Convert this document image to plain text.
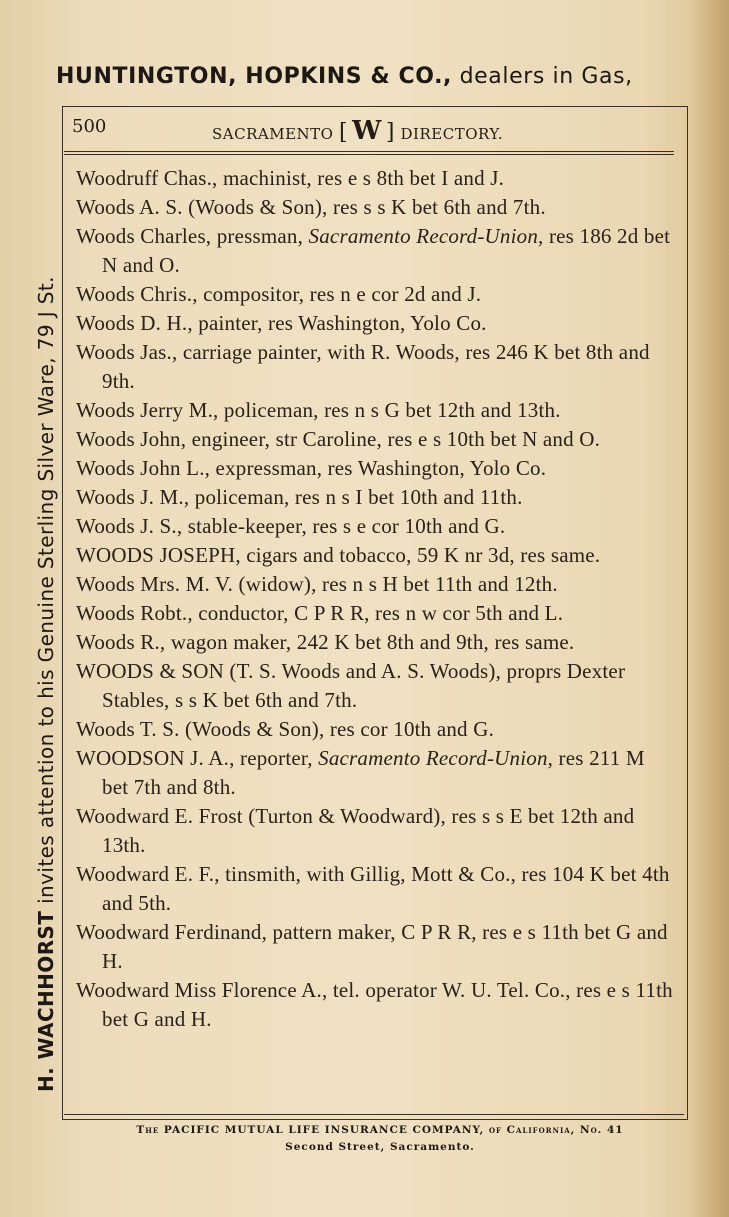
HUNTINGTON, HOPKINS & CO., dealers in Gas,
H. WACHHORST invites attention to his Genuine Sterling Silver Ware, 79 J St.
500	SACRAMENTO [ W ] DIRECTORY.
Woodruff Chas., machinist, res e s 8th bet I and J.
Woods A. S. (Woods & Son), res s s K bet 6th and 7th.
Woods Charles, pressman, Sacramento Record-Union, res 186 2d bet N and O.
Woods Chris., compositor, res n e cor 2d and J.
Woods D. H., painter, res Washington, Yolo Co.
Woods Jas., carriage painter, with R. Woods, res 246 K bet 8th and 9th.
Woods Jerry M., policeman, res n s G bet 12th and 13th.
Woods John, engineer, str Caroline, res e s 10th bet N and O.
Woods John L., expressman, res Washington, Yolo Co.
Woods J. M., policeman, res n s I bet 10th and 11th.
Woods J. S., stable-keeper, res s e cor 10th and G.
WOODS JOSEPH, cigars and tobacco, 59 K nr 3d, res same.
Woods Mrs. M. V. (widow), res n s H bet 11th and 12th.
Woods Robt., conductor, C P R R, res n w cor 5th and L.
Woods R., wagon maker, 242 K bet 8th and 9th, res same.
WOODS & SON (T. S. Woods and A. S. Woods), proprs Dexter Stables, s s K bet 6th and 7th.
Woods T. S. (Woods & Son), res cor 10th and G.
WOODSON J. A., reporter, Sacramento Record-Union, res 211 M bet 7th and 8th.
Woodward E. Frost (Turton & Woodward), res s s E bet 12th and 13th.
Woodward E. F., tinsmith, with Gillig, Mott & Co., res 104 K bet 4th and 5th.
Woodward Ferdinand, pattern maker, C P R R, res e s 11th bet G and H.
Woodward Miss Florence A., tel. operator W. U. Tel. Co., res e s 11th bet G and H.
The PACIFIC MUTUAL LIFE INSURANCE COMPANY, of California, No. 41
Second Street, Sacramento.
